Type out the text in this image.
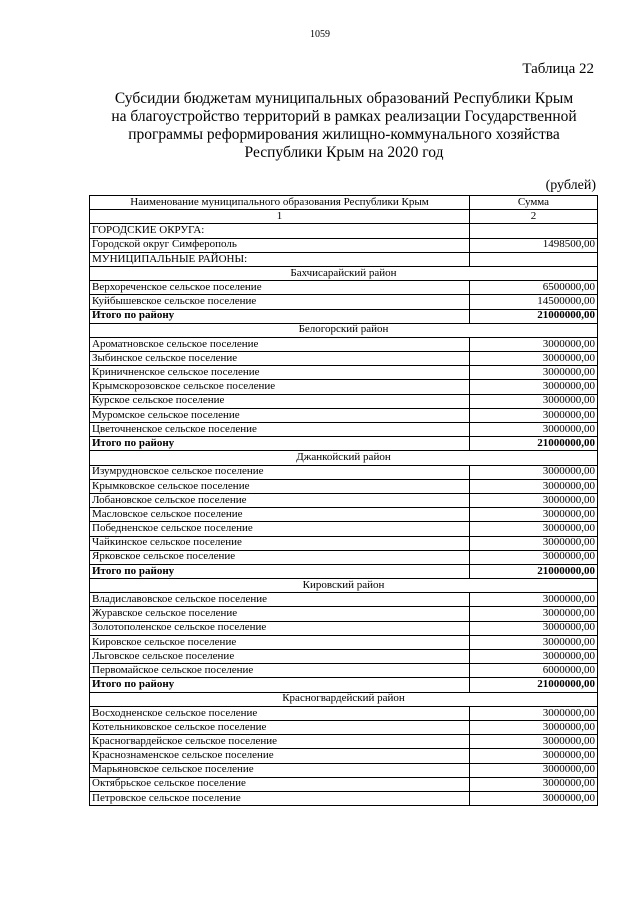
1059
Таблица 22
Субсидии бюджетам муниципальных образований Республики Крым
на благоустройство территорий в рамках реализации Государственной
программы реформирования жилищно-коммунального хозяйства
Республики Крым на 2020 год
(рублей)
Наименование муниципального образования Республики Крым	Сумма
1	2
ГОРОДСКИЕ ОКРУГА:	
Городской округ Симферополь	1498500,00
МУНИЦИПАЛЬНЫЕ РАЙОНЫ:	
Бахчисарайский район	
Верхореченское сельское поселение	6500000,00
Куйбышевское сельское поселение	14500000,00
Итого по району	21000000,00
Белогорский район	
Ароматновское сельское поселение	3000000,00
Зыбинское сельское поселение	3000000,00
Криничненское сельское поселение	3000000,00
Крымскорозовское сельское поселение	3000000,00
Курское сельское поселение	3000000,00
Муромское сельское поселение	3000000,00
Цветочненское сельское поселение	3000000,00
Итого по району	21000000,00
Джанкойский район	
Изумрудновское сельское поселение	3000000,00
Крымковское сельское поселение	3000000,00
Лобановское сельское поселение	3000000,00
Масловское сельское поселение	3000000,00
Победненское сельское поселение	3000000,00
Чайкинское сельское поселение	3000000,00
Ярковское сельское поселение	3000000,00
Итого по району	21000000,00
Кировский район	
Владиславовское сельское поселение	3000000,00
Журавское сельское поселение	3000000,00
Золотополенское сельское поселение	3000000,00
Кировское сельское поселение	3000000,00
Льговское сельское поселение	3000000,00
Первомайское сельское поселение	6000000,00
Итого по району	21000000,00
Красногвардейский район	
Восходненское сельское поселение	3000000,00
Котельниковское сельское поселение	3000000,00
Красногвардейское сельское поселение	3000000,00
Краснознаменское сельское поселение	3000000,00
Марьяновское сельское поселение	3000000,00
Октябрьское сельское поселение	3000000,00
Петровское сельское поселение	3000000,00
